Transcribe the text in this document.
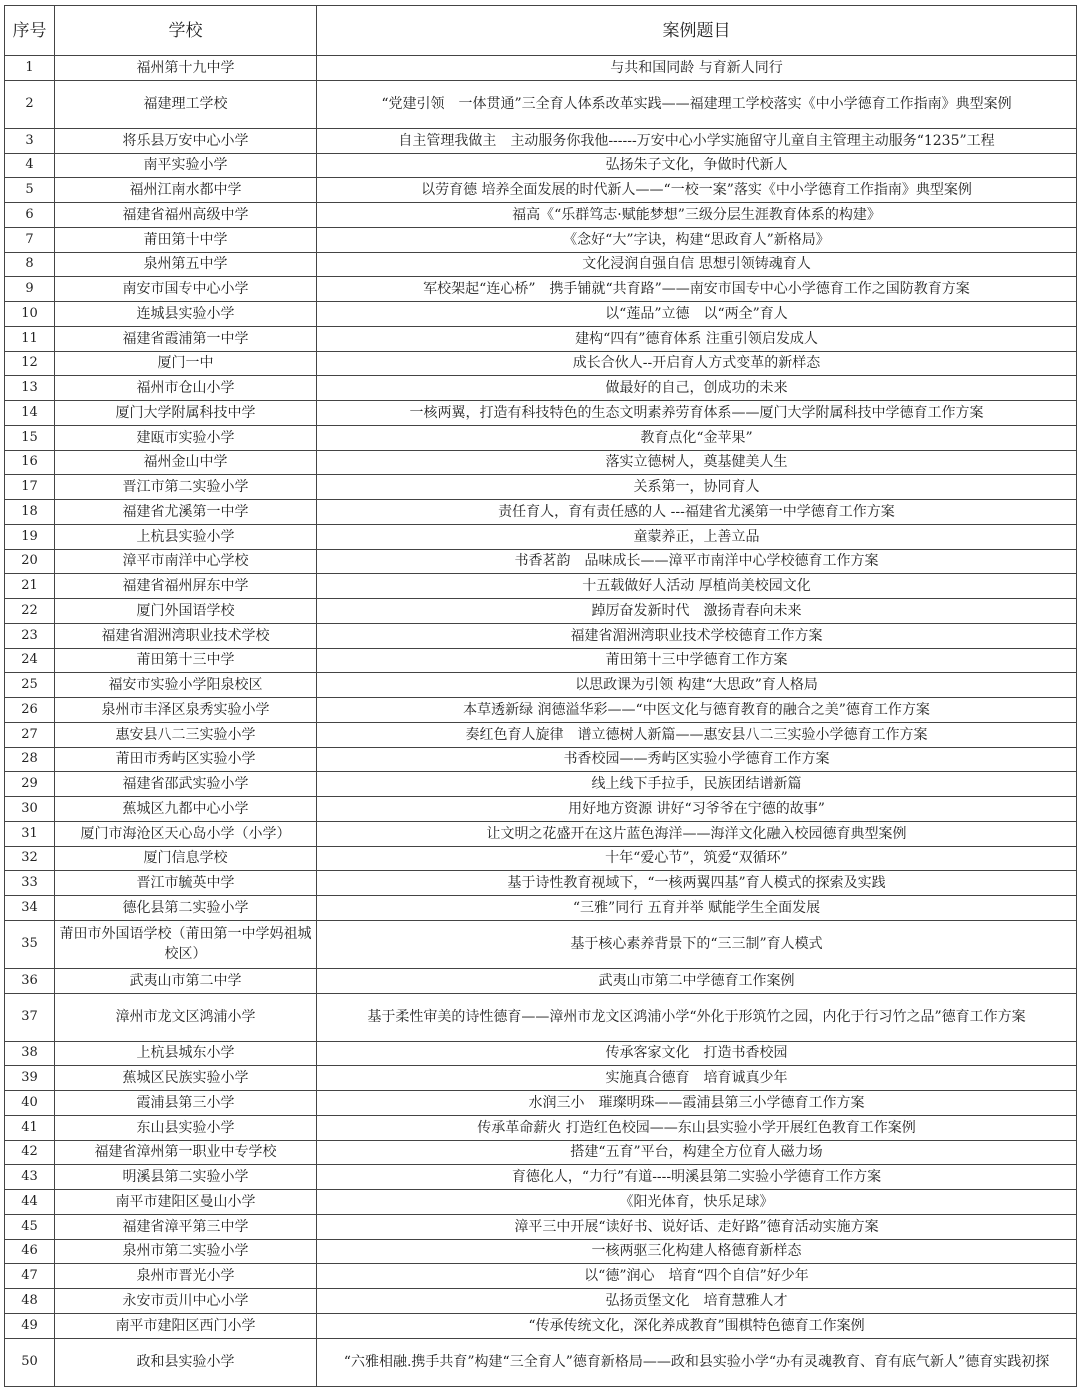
序号	学校	案例题目
1	福州第十九中学	与共和国同龄 与育新人同行
2	福建理工学校	“党建引领　一体贯通”三全育人体系改革实践——福建理工学校落实《中小学德育工作指南》典型案例
3	将乐县万安中心小学	自主管理我做主　主动服务你我他------万安中心小学实施留守儿童自主管理主动服务“1235”工程
4	南平实验小学	弘扬朱子文化，争做时代新人
5	福州江南水都中学	以劳育德 培养全面发展的时代新人——“一校一案”落实《中小学德育工作指南》典型案例
6	福建省福州高级中学	福高《“乐群笃志·赋能梦想”三级分层生涯教育体系的构建》
7	莆田第十中学	《念好“大”字诀，构建“思政育人”新格局》
8	泉州第五中学	文化浸润自强自信 思想引领铸魂育人
9	南安市国专中心小学	军校架起“连心桥”　携手铺就“共育路”——南安市国专中心小学德育工作之国防教育方案
10	连城县实验小学	以“莲品”立德　以“两全”育人
11	福建省霞浦第一中学	建构“四有”德育体系 注重引领启发成人
12	厦门一中	成长合伙人--开启育人方式变革的新样态
13	福州市仓山小学	做最好的自己，创成功的未来
14	厦门大学附属科技中学	一核两翼，打造有科技特色的生态文明素养劳育体系——厦门大学附属科技中学德育工作方案
15	建瓯市实验小学	教育点化“金苹果”
16	福州金山中学	落实立德树人，奠基健美人生
17	晋江市第二实验小学	关系第一，协同育人
18	福建省尤溪第一中学	责任育人，育有责任感的人 ---福建省尤溪第一中学德育工作方案
19	上杭县实验小学	童蒙养正，上善立品
20	漳平市南洋中心学校	书香茗韵　品味成长——漳平市南洋中心学校德育工作方案
21	福建省福州屏东中学	十五载做好人活动 厚植尚美校园文化
22	厦门外国语学校	踔厉奋发新时代　激扬青春向未来
23	福建省湄洲湾职业技术学校	福建省湄洲湾职业技术学校德育工作方案
24	莆田第十三中学	莆田第十三中学德育工作方案
25	福安市实验小学阳泉校区	以思政课为引领 构建“大思政”育人格局
26	泉州市丰泽区泉秀实验小学	本草透新绿 润德溢华彩——“中医文化与德育教育的融合之美”德育工作方案
27	惠安县八二三实验小学	奏红色育人旋律　谱立德树人新篇——惠安县八二三实验小学德育工作方案
28	莆田市秀屿区实验小学	书香校园——秀屿区实验小学德育工作方案
29	福建省邵武实验小学	线上线下手拉手，民族团结谱新篇
30	蕉城区九都中心小学	用好地方资源 讲好“习爷爷在宁德的故事”
31	厦门市海沧区天心岛小学（小学）	让文明之花盛开在这片蓝色海洋——海洋文化融入校园德育典型案例
32	厦门信息学校	十年“爱心节”，筑爱“双循环”
33	晋江市毓英中学	基于诗性教育视域下，“一核两翼四基”育人模式的探索及实践
34	德化县第二实验小学	“三雅”同行 五育并举 赋能学生全面发展
35	莆田市外国语学校（莆田第一中学妈祖城校区）	基于核心素养背景下的“三三制”育人模式
36	武夷山市第二中学	武夷山市第二中学德育工作案例
37	漳州市龙文区鸿浦小学	基于柔性审美的诗性德育——漳州市龙文区鸿浦小学“外化于形筑竹之园，内化于行习竹之品”德育工作方案
38	上杭县城东小学	传承客家文化　打造书香校园
39	蕉城区民族实验小学	实施真合德育　培育诚真少年
40	霞浦县第三小学	水润三小　璀璨明珠——霞浦县第三小学德育工作方案
41	东山县实验小学	传承革命薪火 打造红色校园——东山县实验小学开展红色教育工作案例
42	福建省漳州第一职业中专学校	搭建“五育”平台，构建全方位育人磁力场
43	明溪县第二实验小学	育德化人，“力行”有道----明溪县第二实验小学德育工作方案
44	南平市建阳区曼山小学	《阳光体育，快乐足球》
45	福建省漳平第三中学	漳平三中开展“读好书、说好话、走好路”德育活动实施方案
46	泉州市第二实验小学	一核两驱三化构建人格德育新样态
47	泉州市晋光小学	以“德”润心　培育“四个自信”好少年
48	永安市贡川中心小学	弘扬贡堡文化　培育慧雅人才
49	南平市建阳区西门小学	“传承传统文化，深化养成教育”围棋特色德育工作案例
50	政和县实验小学	“六雅相融.携手共育”构建“三全育人”德育新格局——政和县实验小学“办有灵魂教育、育有底气新人”德育实践初探
